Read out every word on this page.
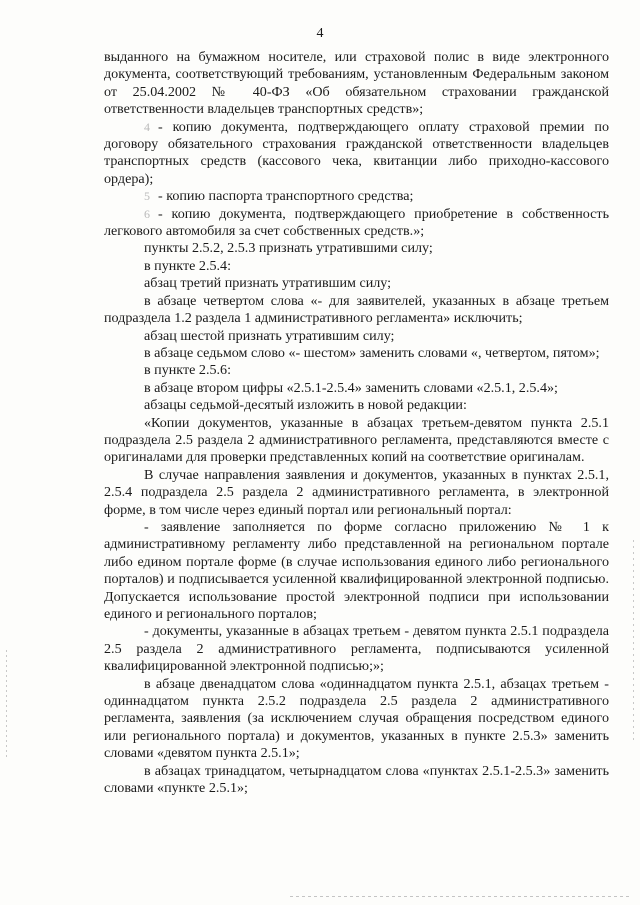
4

выданного на бумажном носителе, или страховой полис в виде электронного документа, соответствующий требованиям, установленным Федеральным законом от 25.04.2002 № 40-ФЗ «Об обязательном страховании гражданской ответственности владельцев транспортных средств»;

4 - копию документа, подтверждающего оплату страховой премии по договору обязательного страхования гражданской ответственности владельцев транспортных средств (кассового чека, квитанции либо приходно-кассового ордера);

5 - копию паспорта транспортного средства;

6 - копию документа, подтверждающего приобретение в собственность легкового автомобиля за счет собственных средств.»;

пункты 2.5.2, 2.5.3 признать утратившими силу;

в пункте 2.5.4:

абзац третий признать утратившим силу;

в абзаце четвертом слова «- для заявителей, указанных в абзаце третьем подраздела 1.2 раздела 1 административного регламента» исключить;

абзац шестой признать утратившим силу;

в абзаце седьмом слово «- шестом» заменить словами «, четвертом, пятом»;

в пункте 2.5.6:

в абзаце втором цифры «2.5.1-2.5.4» заменить словами «2.5.1, 2.5.4»;

абзацы седьмой-десятый изложить в новой редакции:

«Копии документов, указанные в абзацах третьем-девятом пункта 2.5.1 подраздела 2.5 раздела 2 административного регламента, представляются вместе с оригиналами для проверки представленных копий на соответствие оригиналам.

В случае направления заявления и документов, указанных в пунктах 2.5.1, 2.5.4 подраздела 2.5 раздела 2 административного регламента, в электронной форме, в том числе через единый портал или региональный портал:

- заявление заполняется по форме согласно приложению № 1 к административному регламенту либо представленной на региональном портале либо едином портале форме (в случае использования единого либо регионального порталов) и подписывается усиленной квалифицированной электронной подписью. Допускается использование простой электронной подписи при использовании единого и регионального порталов;

- документы, указанные в абзацах третьем - девятом пункта 2.5.1 подраздела 2.5 раздела 2 административного регламента, подписываются усиленной квалифицированной электронной подписью;»;

в абзаце двенадцатом слова «одиннадцатом пункта 2.5.1, абзацах третьем - одиннадцатом пункта 2.5.2 подраздела 2.5 раздела 2 административного регламента, заявления (за исключением случая обращения посредством единого или регионального портала) и документов, указанных в пункте 2.5.3» заменить словами «девятом пункта 2.5.1»;

в абзацах тринадцатом, четырнадцатом слова «пунктах 2.5.1-2.5.3» заменить словами «пункте 2.5.1»;
